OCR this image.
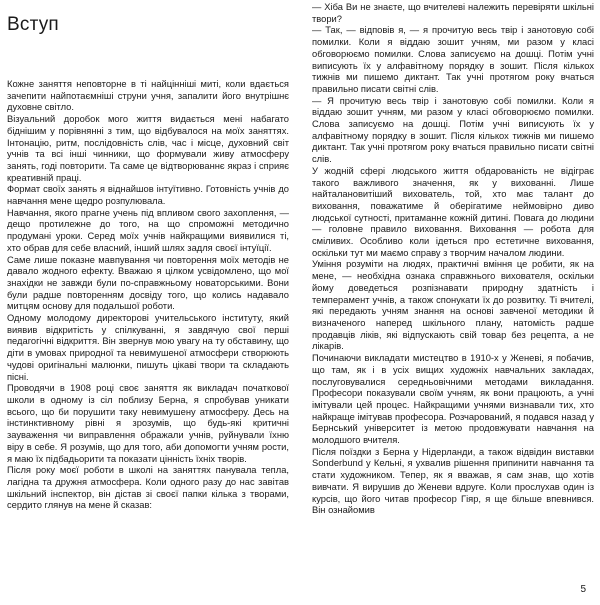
Вступ

Кожне заняття неповторне в ті найцінніші миті, коли вдається зачепити найпотаємніші струни учня, запалити його внутрішнє духовне світло.

Візуальний доробок мого життя видається мені набагато біднішим у порівнянні з тим, що відбувалося на моїх заняттях. Інтонацію, ритм, послідовність слів, час і місце, духовний світ учнів та всі інші чинники, що формували живу атмосферу занять, годі повторити. Та саме це відтворюваннє якраз і сприяє креативній праці.

Формат своїх занять я віднайшов інтуїтивно. Готовність учнів до навчання мене щедро розпулювала.

Навчання, якого прагне учень під впливом свого захоплення, — дещо протилежне до того, на що спроможні методично продумані уроки. Серед моїх учнів найкращими виявилися ті, хто обрав для себе власний, інший шлях задля своєї інтуїції.

Саме лише показне мавпування чи повторення моїх методів не давало жодного ефекту. Вважаю я цілком усвідомлено, що мої знахідки не завжди були по-справжньому новаторськими. Вони були радше повторенням досвіду того, що колись надавало митцям основу для подальшої роботи.

Одному молодому директорові учительського інституту, який виявив відкритість у спілкуванні, я завдячую свої перші педагогічні відкриття. Він звернув мою увагу на ту обставину, що діти в умовах природної та невимушеної атмосфери створюють чудові оригінальні малюнки, пишуть цікаві твори та складають пісні.

Проводячи в 1908 році своє заняття як викладач початкової школи в одному із сіл поблизу Берна, я спробував уникати всього, що би порушити таку невимушену атмосферу. Десь на інстинктивному рівні я зрозумів, що будь-які критичні зауваження чи виправлення ображали учнів, руйнували їхню віру в себе. Я розумів, що для того, аби допомогти учням рости, я маю їх підбадьорити та показати цінність їхніх творів.

Після року моєї роботи в школі на заняттях панувала тепла, лагідна та дружня атмосфера. Коли одного разу до нас завітав шкільний інспектор, він дістав зі своєї папки кілька з творами, сердито глянув на мене й сказав:

— Хіба Ви не знаєте, що вчителеві належить перевіряти шкільні твори?

— Так, — відповів я, — я прочитую весь твір і занотовую собі помилки. Коли я віддаю зошит учням, ми разом у класі обговорюємо помилки. Слова записуємо на дошці. Потім учні виписують їх у алфавітному порядку в зошит. Після кількох тижнів ми пишемо диктант. Так учні протягом року вчаться правильно писати світні слів.

— Я прочитую весь твір і занотовую собі помилки. Коли я віддаю зошит учням, ми разом у класі обговорюємо помилки. Слова записуємо на дошці. Потім учні виписують їх у алфавітному порядку в зошит. Після кількох тижнів ми пишемо диктант. Так учні протягом року вчаться правильно писати світні слів.

У жодній сфері людського життя обдарованість не відіграє такого важливого значення, як у вихованні. Лише найталановитіший вихователь, той, хто має талант до виховання, поважатиме й оберігатиме неймовірно диво людської сутності, притаманне кожній дитині. Повага до людини — головне правило виховання. Виховання — робота для сміливих. Особливо коли ідеться про естетичне виховання, оскільки тут ми маємо справу з творчим началом людини.

Уміння розуміти на людях, практичні вміння це робити, як на мене, — необхідна ознака справжнього вихователя, оскільки йому доведеться розпізнавати природну здатність і темперамент учнів, а також спонукати їх до розвитку. Ті вчителі, які передають учням знання на основі завченої методики й визначеного наперед шкільного плану, натомість радше продавців ліків, які відпускають свій товар без рецепта, а не лікарів.

Починаючи викладати мистецтво в 1910-х у Женеві, я побачив, що там, як і в усіх вищих художніх навчальних закладах, послуговувалися середньовічними методами викладання. Професори показували своїм учням, як вони працюють, а учні імітували цей процес. Найкращими учнями визнавали тих, хто найкраще імітував професора. Розчарований, я подався назад у Бернський університет із метою продовжувати навчання на молодшого вчителя.

Після поїздки з Берна у Нідерланди, а також відвідин виставки Sonderbund у Кельні, я ухвалив рішення припинити навчання та стати художником. Тепер, як я вважав, я сам знав, що хотів вивчати. Я вирушив до Женеви вдруге. Коли прослухав один із курсів, що його читав професор Гіяр, я ще більше впевнився. Він ознайомив

5
